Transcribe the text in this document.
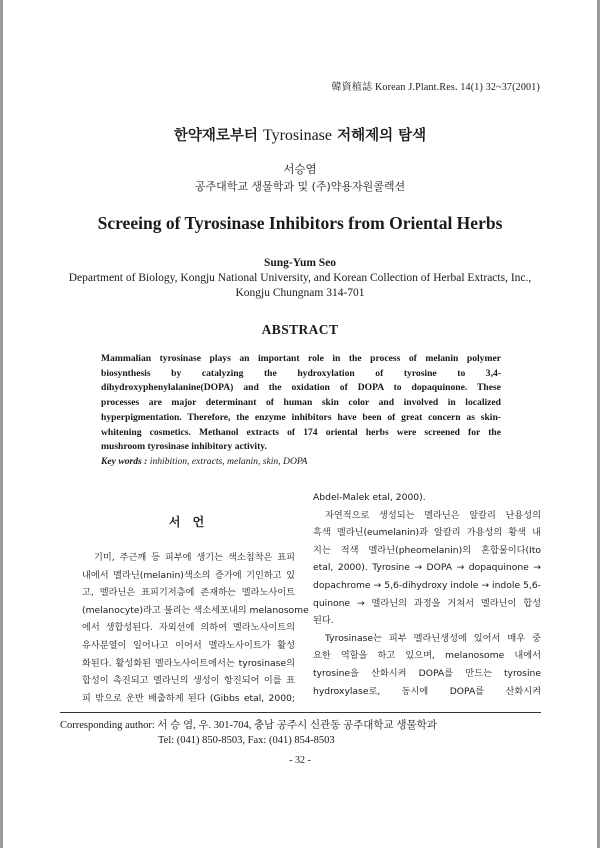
韓資植誌 Korean J.Plant.Res. 14(1) 32~37(2001)
한약재로부터 Tyrosinase 저해제의 탐색
서승염
공주대학교 생물학과 및 (주)약용자원콜렉션
Screeing of Tyrosinase Inhibitors from Oriental Herbs
Sung-Yum Seo
Department of Biology, Kongju National University, and Korean Collection of Herbal Extracts, Inc.,
Kongju Chungnam 314-701
ABSTRACT
Mammalian tyrosinase plays an important role in the process of melanin polymer
biosynthesis by catalyzing the hydroxylation of tyrosine to 3,4-
dihydroxyphenylalanine(DOPA) and the oxidation of DOPA to dopaquinone. These
processes are major determinant of human skin color and involved in localized
hyperpigmentation. Therefore, the enzyme inhibitors have been of great concern as skin-
whitening cosmetics. Methanol extracts of 174 oriental herbs were screened for the
mushroom tyrosinase inhibitory activity.
Key words : inhibition, extracts, melanin, skin, DOPA
서 언
기미, 주근깨 등 피부에 생기는 색소침착은 표피
내에서 멜라닌(melanin)색소의 증가에 기인하고 있
고, 멜라닌은 표피기저층에 존재하는 멜라노사이트
(melanocyte)라고 불리는 색소세포내의 melanosome
에서 생합성된다. 자외선에 의하여 멜라노사이트의
유사분열이 일어나고 이어서 멜라노사이트가 활성
화된다. 활성화된 멜라노사이트에서는 tyrosinase의
합성이 촉진되고 멜라닌의 생성이 항진되어 이를 표
피 밖으로 운반 배출하게 된다 (Gibbs etal, 2000;
Abdel-Malek etal, 2000).
자연적으로 생성되는 멜라닌은 알칼리 난용성의
흑색 멜라닌(eumelanin)과 알칼리 가용성의 황색 내
지는 적색 멜라닌(pheomelanin)의 혼합물이다(Ito
etal, 2000). Tyrosine → DOPA → dopaquinone →
dopachrome → 5,6-dihydroxy indole → indole 5,6-
quinone → 멜라닌의 과정을 거쳐서 멜라닌이 합성
된다.
Tyrosinase는 피부 멜라닌생성에 있어서 매우 중
요한 역할을 하고 있으며, melanosome 내에서
tyrosine을 산화시켜 DOPA를 만드는 tyrosine
hydroxylase로, 동시에 DOPA를 산화시켜
Corresponding author: 서 승 염, 우. 301-704, 충남 공주시 신관동 공주대학교 생물학과
Tel: (041) 850-8503, Fax: (041) 854-8503
- 32 -
